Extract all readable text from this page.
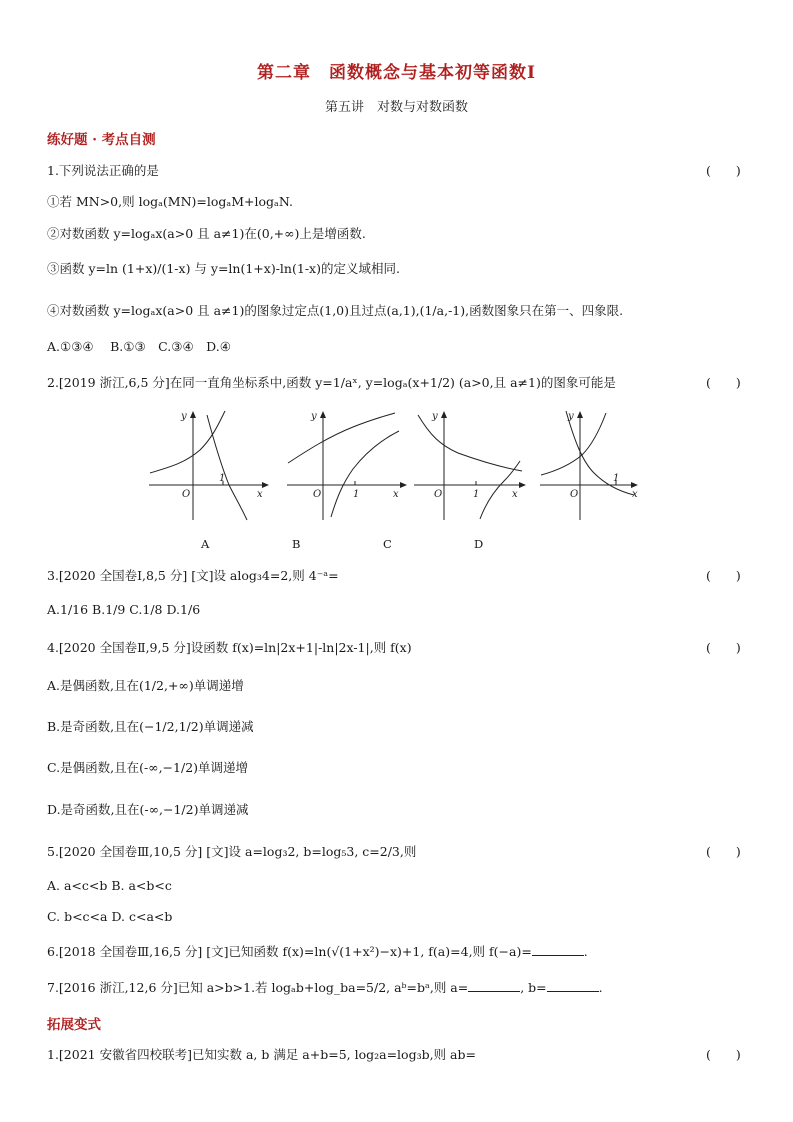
第二章　函数概念与基本初等函数Ⅰ
第五讲　对数与对数函数
练好题 · 考点自测
1.下列说法正确的是	(　　)
①若 MN>0,则 logₐ(MN)=logₐM+logₐN.
②对数函数 y=logₐx(a>0 且 a≠1)在(0,+∞)上是增函数.
③函数 y=ln (1+x)/(1-x) 与 y=ln(1+x)-ln(1-x)的定义域相同.
④对数函数 y=logₐx(a>0 且 a≠1)的图象过定点(1,0)且过点(a,1),(1/a,-1),函数图象只在第一、四象限.
A.①③④　 B.①③　C.③④　D.④
2.[2019 浙江,6,5 分]在同一直角坐标系中,函数 y=1/aˣ, y=logₐ(x+1/2) (a>0,且 a≠1)的图象可能是	(　　)
y
x
O
1
y
x
O	1
y
x
O	1
y
x
O
1
A	B	C	D
3.[2020 全国卷Ⅰ,8,5 分] [文]设 alog₃4=2,则 4⁻ᵃ=	(　　)
A.1/16 B.1/9 C.1/8 D.1/6
4.[2020 全国卷Ⅱ,9,5 分]设函数 f(x)=ln|2x+1|-ln|2x-1|,则 f(x)	(　　)
A.是偶函数,且在(1/2,+∞)单调递增
B.是奇函数,且在(−1/2,1/2)单调递减
C.是偶函数,且在(-∞,−1/2)单调递增
D.是奇函数,且在(-∞,−1/2)单调递减
5.[2020 全国卷Ⅲ,10,5 分] [文]设 a=log₃2, b=log₅3, c=2/3,则	(　　)
A. a<c<b B. a<b<c
C. b<c<a D. c<a<b
6.[2018 全国卷Ⅲ,16,5 分] [文]已知函数 f(x)=ln(√(1+x²)−x)+1, f(a)=4,则 f(−a)=	.
7.[2016 浙江,12,6 分]已知 a>b>1.若 logₐb+log_ba=5/2, aᵇ=bᵃ,则 a=	, b=	.
拓展变式
1.[2021 安徽省四校联考]已知实数 a, b 满足 a+b=5, log₂a=log₃b,则 ab=	(　　)
